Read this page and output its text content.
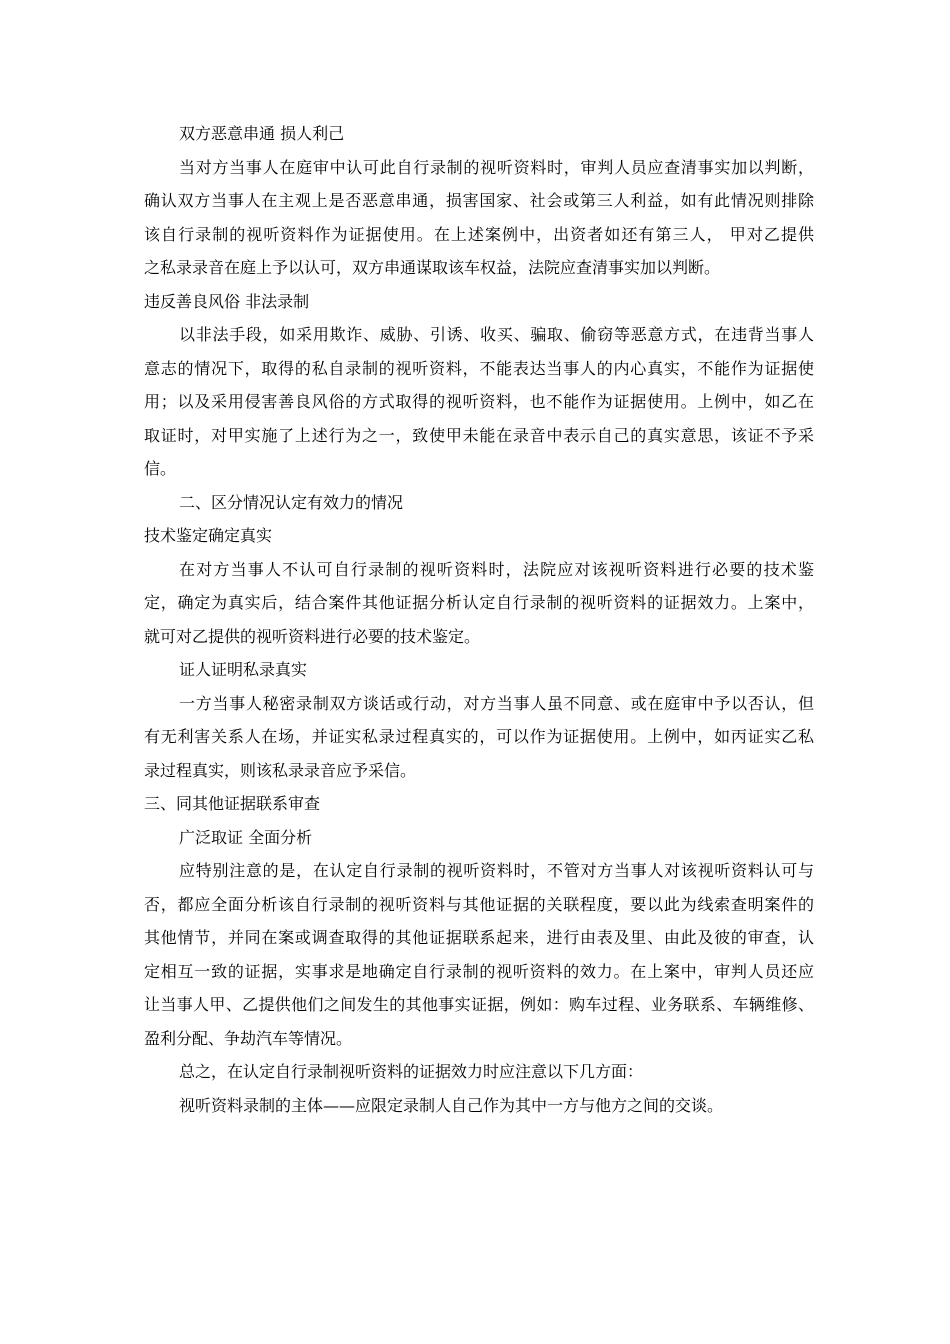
双方恶意串通 损人利己
当对方当事人在庭审中认可此自行录制的视听资料时，审判人员应查清事实加以判断，
确认双方当事人在主观上是否恶意串通，损害国家、社会或第三人利益，如有此情况则排除
该自行录制的视听资料作为证据使用。在上述案例中，出资者如还有第三人， 甲对乙提供
之私录录音在庭上予以认可，双方串通谋取该车权益，法院应查清事实加以判断。
违反善良风俗 非法录制
以非法手段，如采用欺诈、威胁、引诱、收买、骗取、偷窃等恶意方式，在违背当事人
意志的情况下，取得的私自录制的视听资料，不能表达当事人的内心真实，不能作为证据使
用；以及采用侵害善良风俗的方式取得的视听资料，也不能作为证据使用。上例中，如乙在
取证时，对甲实施了上述行为之一，致使甲未能在录音中表示自己的真实意思，该证不予采
信。
二、区分情况认定有效力的情况
技术鉴定确定真实
在对方当事人不认可自行录制的视听资料时，法院应对该视听资料进行必要的技术鉴
定，确定为真实后，结合案件其他证据分析认定自行录制的视听资料的证据效力。上案中，
就可对乙提供的视听资料进行必要的技术鉴定。
证人证明私录真实
一方当事人秘密录制双方谈话或行动，对方当事人虽不同意、或在庭审中予以否认，但
有无利害关系人在场，并证实私录过程真实的，可以作为证据使用。上例中，如丙证实乙私
录过程真实，则该私录录音应予采信。
三、同其他证据联系审查
广泛取证 全面分析
应特别注意的是，在认定自行录制的视听资料时，不管对方当事人对该视听资料认可与
否，都应全面分析该自行录制的视听资料与其他证据的关联程度，要以此为线索查明案件的
其他情节，并同在案或调查取得的其他证据联系起来，进行由表及里、由此及彼的审查，认
定相互一致的证据，实事求是地确定自行录制的视听资料的效力。在上案中，审判人员还应
让当事人甲、乙提供他们之间发生的其他事实证据，例如：购车过程、业务联系、车辆维修、
盈利分配、争劫汽车等情况。
总之，在认定自行录制视听资料的证据效力时应注意以下几方面：
视听资料录制的主体——应限定录制人自己作为其中一方与他方之间的交谈。
